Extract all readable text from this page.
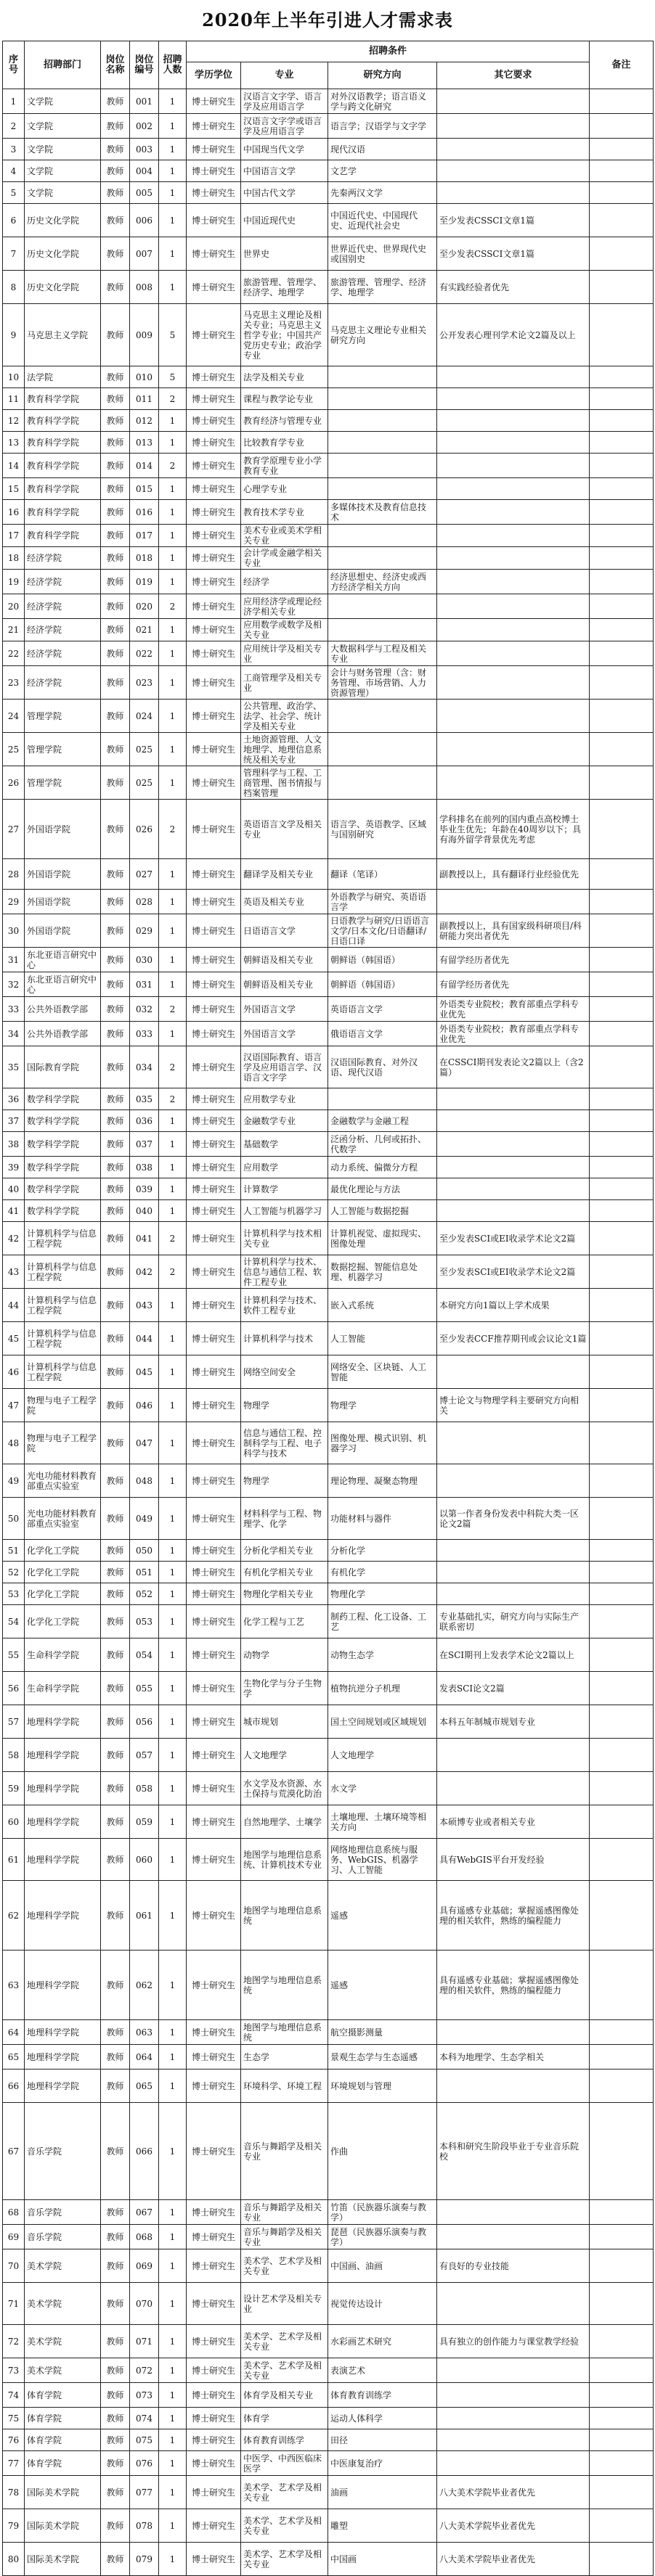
2020年上半年引进人才需求表
序号	招聘部门	岗位名称	岗位编号	招聘人数	招聘条件				备注
					学历学位	专业	研究方向	其它要求	
1	文学院	教师	001	1	博士研究生	汉语言文字学、语言学及应用语言学	对外汉语教学；语言语义学与跨文化研究		
2	文学院	教师	002	1	博士研究生	汉语言文字学或语言学及应用语言学	语言学；汉语学与文字学		
3	文学院	教师	003	1	博士研究生	中国现当代文学	现代汉语		
4	文学院	教师	004	1	博士研究生	中国语言文学	文艺学		
5	文学院	教师	005	1	博士研究生	中国古代文学	先秦两汉文学		
6	历史文化学院	教师	006	1	博士研究生	中国近现代史	中国近代史、中国现代史、近现代社会史	至少发表CSSCI文章1篇	
7	历史文化学院	教师	007	1	博士研究生	世界史	世界近代史、世界现代史或国别史	至少发表CSSCI文章1篇	
8	历史文化学院	教师	008	1	博士研究生	旅游管理、管理学、经济学、地理学	旅游管理、管理学、经济学、地理学	有实践经验者优先	
9	马克思主义学院	教师	009	5	博士研究生	马克思主义理论及相关专业；马克思主义哲学专业；中国共产党历史专业；政治学专业	马克思主义理论专业相关研究方向	公开发表心理刊学术论文2篇及以上	
10	法学院	教师	010	5	博士研究生	法学及相关专业			
11	教育科学学院	教师	011	2	博士研究生	课程与教学论专业			
12	教育科学学院	教师	012	1	博士研究生	教育经济与管理专业			
13	教育科学学院	教师	013	1	博士研究生	比较教育学专业			
14	教育科学学院	教师	014	2	博士研究生	教育学原理专业小学教育专业			
15	教育科学学院	教师	015	1	博士研究生	心理学专业			
16	教育科学学院	教师	016	1	博士研究生	教育技术学专业	多媒体技术及教育信息技术		
17	教育科学学院	教师	017	1	博士研究生	美术专业或美术学相关专业			
18	经济学院	教师	018	1	博士研究生	会计学或金融学相关专业			
19	经济学院	教师	019	1	博士研究生	经济学	经济思想史、经济史或西方经济学相关方向		
20	经济学院	教师	020	2	博士研究生	应用经济学或理论经济学相关专业			
21	经济学院	教师	021	1	博士研究生	应用数学或数学及相关专业			
22	经济学院	教师	022	1	博士研究生	应用统计学及相关专业	大数据科学与工程及相关专业		
23	经济学院	教师	023	1	博士研究生	工商管理学及相关专业	会计与财务管理（含：财务管理、市场营销、人力资源管理）		
24	管理学院	教师	024	1	博士研究生	公共管理、政治学、法学、社会学、统计学及相关专业			
25	管理学院	教师	025	1	博士研究生	土地资源管理、人文地理学、地理信息系统及相关专业			
26	管理学院	教师	025	1	博士研究生	管理科学与工程、工商管理、图书情报与档案管理			
27	外国语学院	教师	026	2	博士研究生	英语语言文学及相关专业	语言学、英语教学、区域与国别研究	学科排名在前列的国内重点高校博士毕业生优先；年龄在40周岁以下；具有海外留学背景优先考虑	
28	外国语学院	教师	027	1	博士研究生	翻译学及相关专业	翻译（笔译）	副教授以上，具有翻译行业经验优先	
29	外国语学院	教师	028	1	博士研究生	英语及相关专业	外语教学与研究、英语语言学		
30	外国语学院	教师	029	1	博士研究生	日语语言文学	日语教学与研究/日语语言文学/日本文化/日语翻译/日语口译	副教授以上，具有国家级科研项目/科研能力突出者优先	
31	东北亚语言研究中心	教师	030	1	博士研究生	朝鲜语及相关专业	朝鲜语（韩国语）	有留学经历者优先	
32	东北亚语言研究中心	教师	031	1	博士研究生	朝鲜语及相关专业	朝鲜语（韩国语）	有留学经历者优先	
33	公共外语教学部	教师	032	2	博士研究生	外国语言文学	英语语言文学	外语类专业院校；教育部重点学科专业优先	
34	公共外语教学部	教师	033	1	博士研究生	外国语言文学	俄语语言文学	外语类专业院校；教育部重点学科专业优先	
35	国际教育学院	教师	034	2	博士研究生	汉语国际教育、语言学及应用语言学、汉语言文字学	汉语国际教育、对外汉语、现代汉语	在CSSCI期刊发表论文2篇以上（含2篇）	
36	数学科学学院	教师	035	2	博士研究生	应用数学专业			
37	数学科学学院	教师	036	1	博士研究生	金融数学专业	金融数学与金融工程		
38	数学科学学院	教师	037	1	博士研究生	基础数学	泛函分析、几何或拓扑、代数学		
39	数学科学学院	教师	038	1	博士研究生	应用数学	动力系统、偏微分方程		
40	数学科学学院	教师	039	1	博士研究生	计算数学	最优化理论与方法		
41	数学科学学院	教师	040	1	博士研究生	人工智能与机器学习	人工智能与数据挖掘		
42	计算机科学与信息工程学院	教师	041	2	博士研究生	计算机科学与技术相关专业	计算机视觉、虚拟现实、图像处理	至少发表SCI或EI收录学术论文2篇	
43	计算机科学与信息工程学院	教师	042	2	博士研究生	计算机科学与技术、信息与通信工程、软件工程专业	数据挖掘、智能信息处理、机器学习	至少发表SCI或EI收录学术论文2篇	
44	计算机科学与信息工程学院	教师	043	1	博士研究生	计算机科学与技术、软件工程专业	嵌入式系统	本研究方向1篇以上学术成果	
45	计算机科学与信息工程学院	教师	044	1	博士研究生	计算机科学与技术	人工智能	至少发表CCF推荐期刊或会议论文1篇	
46	计算机科学与信息工程学院	教师	045	1	博士研究生	网络空间安全	网络安全、区块链、人工智能		
47	物理与电子工程学院	教师	046	1	博士研究生	物理学	物理学	博士论文与物理学科主要研究方向相关	
48	物理与电子工程学院	教师	047	1	博士研究生	信息与通信工程、控制科学与工程、电子科学与技术	图像处理、模式识别、机器学习		
49	光电功能材料教育部重点实验室	教师	048	1	博士研究生	物理学	理论物理、凝聚态物理		
50	光电功能材料教育部重点实验室	教师	049	1	博士研究生	材料科学与工程、物理学、化学	功能材料与器件	以第一作者身份发表中科院大类一区论文2篇	
51	化学化工学院	教师	050	1	博士研究生	分析化学相关专业	分析化学		
52	化学化工学院	教师	051	1	博士研究生	有机化学相关专业	有机化学		
53	化学化工学院	教师	052	1	博士研究生	物理化学相关专业	物理化学		
54	化学化工学院	教师	053	1	博士研究生	化学工程与工艺	制药工程、化工设备、工艺	专业基础扎实，研究方向与实际生产联系密切	
55	生命科学学院	教师	054	1	博士研究生	动物学	动物生态学	在SCI期刊上发表学术论文2篇以上	
56	生命科学学院	教师	055	1	博士研究生	生物化学与分子生物学	植物抗逆分子机理	发表SCI论文2篇	
57	地理科学学院	教师	056	1	博士研究生	城市规划	国土空间规划或区域规划	本科五年制城市规划专业	
58	地理科学学院	教师	057	1	博士研究生	人文地理学	人文地理学		
59	地理科学学院	教师	058	1	博士研究生	水文学及水资源、水土保持与荒漠化防治	水文学		
60	地理科学学院	教师	059	1	博士研究生	自然地理学、土壤学	土壤地理、土壤环境等相关方向	本硕博专业或者相关专业	
61	地理科学学院	教师	060	1	博士研究生	地图学与地理信息系统、计算机技术专业	网络地理信息系统与服务、WebGIS、机器学习、人工智能	具有WebGIS平台开发经验	
62	地理科学学院	教师	061	1	博士研究生	地图学与地理信息系统	遥感	具有遥感专业基础；掌握遥感图像处理的相关软件，熟练的编程能力	
63	地理科学学院	教师	062	1	博士研究生	地图学与地理信息系统	遥感	具有遥感专业基础；掌握遥感图像处理的相关软件，熟练的编程能力	
64	地理科学学院	教师	063	1	博士研究生	地图学与地理信息系统	航空摄影测量		
65	地理科学学院	教师	064	1	博士研究生	生态学	景观生态学与生态遥感	本科为地理学、生态学相关	
66	地理科学学院	教师	065	1	博士研究生	环境科学、环境工程	环境规划与管理		
67	音乐学院	教师	066	1	博士研究生	音乐与舞蹈学及相关专业	作曲	本科和研究生阶段毕业于专业音乐院校	
68	音乐学院	教师	067	1	博士研究生	音乐与舞蹈学及相关专业	竹笛（民族器乐演奏与教学）		
69	音乐学院	教师	068	1	博士研究生	音乐与舞蹈学及相关专业	琵琶（民族器乐演奏与教学）		
70	美术学院	教师	069	1	博士研究生	美术学、艺术学及相关专业	中国画、油画	有良好的专业技能	
71	美术学院	教师	070	1	博士研究生	设计艺术学及相关专业	视觉传达设计		
72	美术学院	教师	071	1	博士研究生	美术学、艺术学及相关专业	水彩画艺术研究	具有独立的创作能力与课堂教学经验	
73	美术学院	教师	072	1	博士研究生	美术学、艺术学及相关专业	表演艺术		
74	体育学院	教师	073	1	博士研究生	体育学及相关专业	体育教育训练学		
75	体育学院	教师	074	1	博士研究生	体育学	运动人体科学		
76	体育学院	教师	075	1	博士研究生	体育教育训练学	田径		
77	体育学院	教师	076	1	博士研究生	中医学、中西医临床医学	中医康复治疗		
78	国际美术学院	教师	077	1	博士研究生	美术学、艺术学及相关专业	油画	八大美术学院毕业者优先	
79	国际美术学院	教师	078	1	博士研究生	美术学、艺术学及相关专业	雕塑	八大美术学院毕业者优先	
80	国际美术学院	教师	079	1	博士研究生	美术学、艺术学及相关专业	中国画	八大美术学院毕业者优先	
